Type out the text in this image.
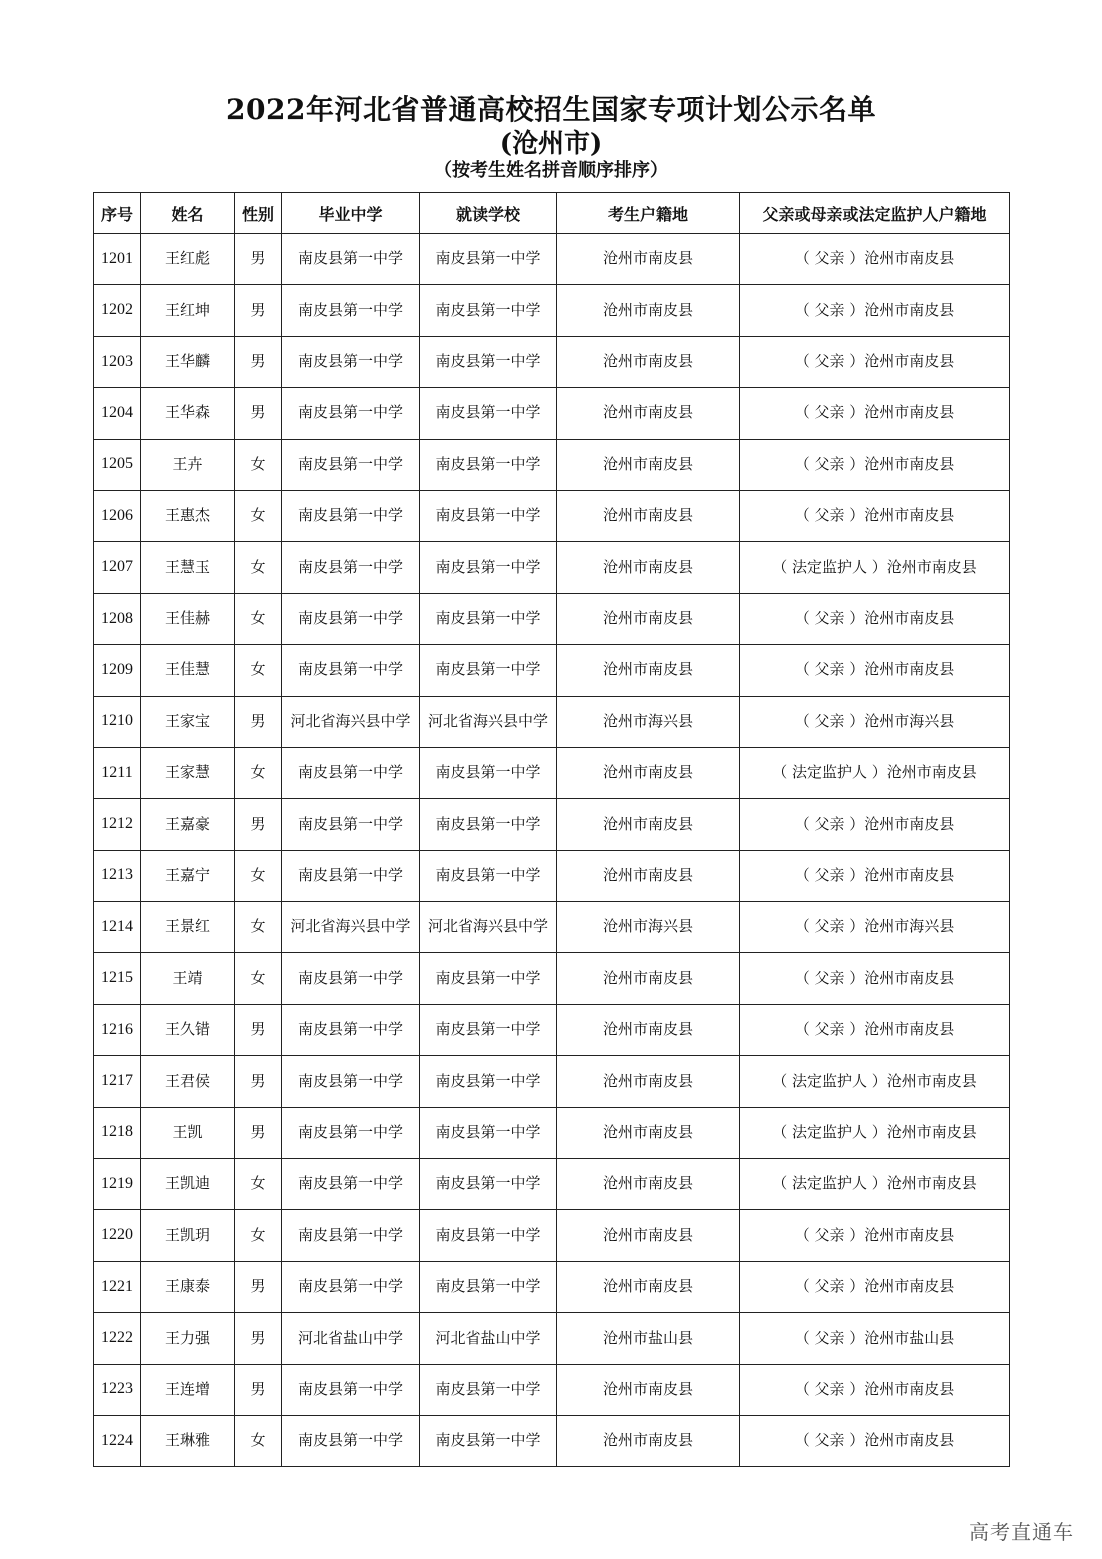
2022年河北省普通高校招生国家专项计划公示名单
(沧州市)
（按考生姓名拼音顺序排序）
序号	姓名	性别	毕业中学	就读学校	考生户籍地	父亲或母亲或法定监护人户籍地
1201	王红彪	男	南皮县第一中学	南皮县第一中学	沧州市南皮县	（ 父亲 ）沧州市南皮县
1202	王红坤	男	南皮县第一中学	南皮县第一中学	沧州市南皮县	（ 父亲 ）沧州市南皮县
1203	王华麟	男	南皮县第一中学	南皮县第一中学	沧州市南皮县	（ 父亲 ）沧州市南皮县
1204	王华森	男	南皮县第一中学	南皮县第一中学	沧州市南皮县	（ 父亲 ）沧州市南皮县
1205	王卉	女	南皮县第一中学	南皮县第一中学	沧州市南皮县	（ 父亲 ）沧州市南皮县
1206	王惠杰	女	南皮县第一中学	南皮县第一中学	沧州市南皮县	（ 父亲 ）沧州市南皮县
1207	王慧玉	女	南皮县第一中学	南皮县第一中学	沧州市南皮县	（ 法定监护人 ）沧州市南皮县
1208	王佳赫	女	南皮县第一中学	南皮县第一中学	沧州市南皮县	（ 父亲 ）沧州市南皮县
1209	王佳慧	女	南皮县第一中学	南皮县第一中学	沧州市南皮县	（ 父亲 ）沧州市南皮县
1210	王家宝	男	河北省海兴县中学	河北省海兴县中学	沧州市海兴县	（ 父亲 ）沧州市海兴县
1211	王家慧	女	南皮县第一中学	南皮县第一中学	沧州市南皮县	（ 法定监护人 ）沧州市南皮县
1212	王嘉豪	男	南皮县第一中学	南皮县第一中学	沧州市南皮县	（ 父亲 ）沧州市南皮县
1213	王嘉宁	女	南皮县第一中学	南皮县第一中学	沧州市南皮县	（ 父亲 ）沧州市南皮县
1214	王景红	女	河北省海兴县中学	河北省海兴县中学	沧州市海兴县	（ 父亲 ）沧州市海兴县
1215	王靖	女	南皮县第一中学	南皮县第一中学	沧州市南皮县	（ 父亲 ）沧州市南皮县
1216	王久错	男	南皮县第一中学	南皮县第一中学	沧州市南皮县	（ 父亲 ）沧州市南皮县
1217	王君侯	男	南皮县第一中学	南皮县第一中学	沧州市南皮县	（ 法定监护人 ）沧州市南皮县
1218	王凯	男	南皮县第一中学	南皮县第一中学	沧州市南皮县	（ 法定监护人 ）沧州市南皮县
1219	王凯迪	女	南皮县第一中学	南皮县第一中学	沧州市南皮县	（ 法定监护人 ）沧州市南皮县
1220	王凯玥	女	南皮县第一中学	南皮县第一中学	沧州市南皮县	（ 父亲 ）沧州市南皮县
1221	王康泰	男	南皮县第一中学	南皮县第一中学	沧州市南皮县	（ 父亲 ）沧州市南皮县
1222	王力强	男	河北省盐山中学	河北省盐山中学	沧州市盐山县	（ 父亲 ）沧州市盐山县
1223	王连增	男	南皮县第一中学	南皮县第一中学	沧州市南皮县	（ 父亲 ）沧州市南皮县
1224	王琳雅	女	南皮县第一中学	南皮县第一中学	沧州市南皮县	（ 父亲 ）沧州市南皮县
高考直通车
